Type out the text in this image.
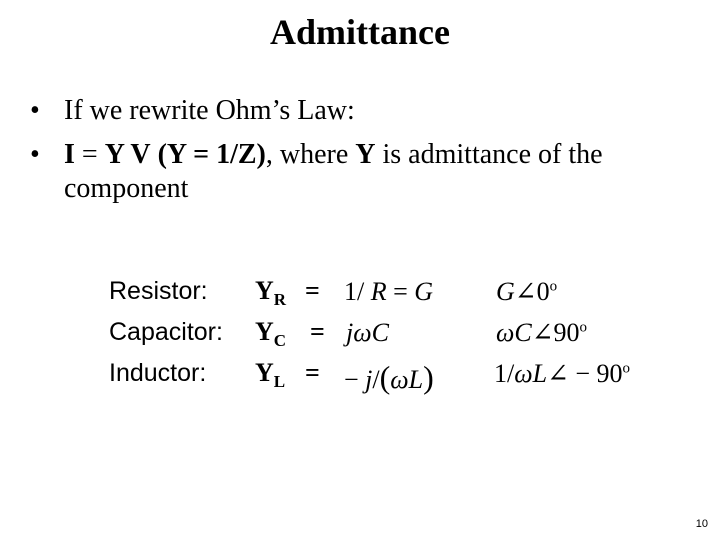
Admittance
• If we rewrite Ohm’s Law:
• I = Y V (Y = 1/Z), where Y is admittance of the component
Resistor: $Y_R = 1/$ R = G G∠0$^o$
Capacitor: $Y_C = j\omega C$	ωC∠90$^o$
Inductor: $Y_L$ = − j/(ωL) 1/ωL∠ − $90^o$
10
